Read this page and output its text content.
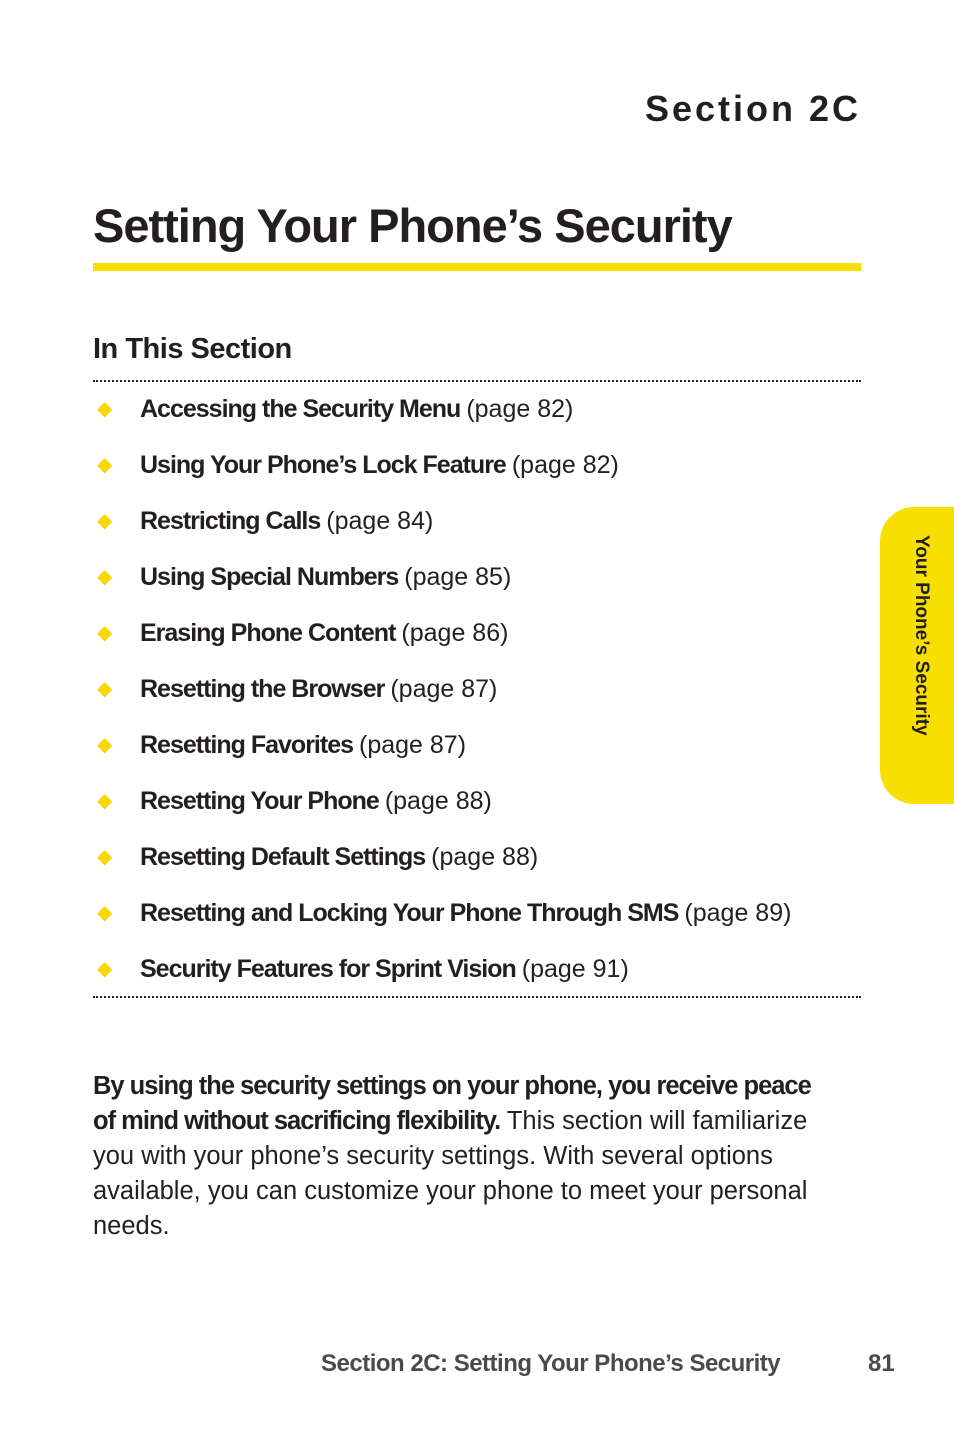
Section 2C
Setting Your Phone’s Security
In This Section
◆	Accessing the Security Menu (page 82)
◆	Using Your Phone’s Lock Feature (page 82)
◆	Restricting Calls (page 84)
◆	Using Special Numbers (page 85)
◆	Erasing Phone Content (page 86)
◆	Resetting the Browser (page 87)
◆	Resetting Favorites (page 87)
◆	Resetting Your Phone (page 88)
◆	Resetting Default Settings (page 88)
◆	Resetting and Locking Your Phone Through SMS (page 89)
◆	Security Features for Sprint Vision (page 91)

By using the security settings on your phone, you receive peace of mind without sacrificing flexibility. This section will familiarize you with your phone’s security settings. With several options available, you can customize your phone to meet your personal needs.

Your Phone’s Security
Section 2C: Setting Your Phone’s Security	81
